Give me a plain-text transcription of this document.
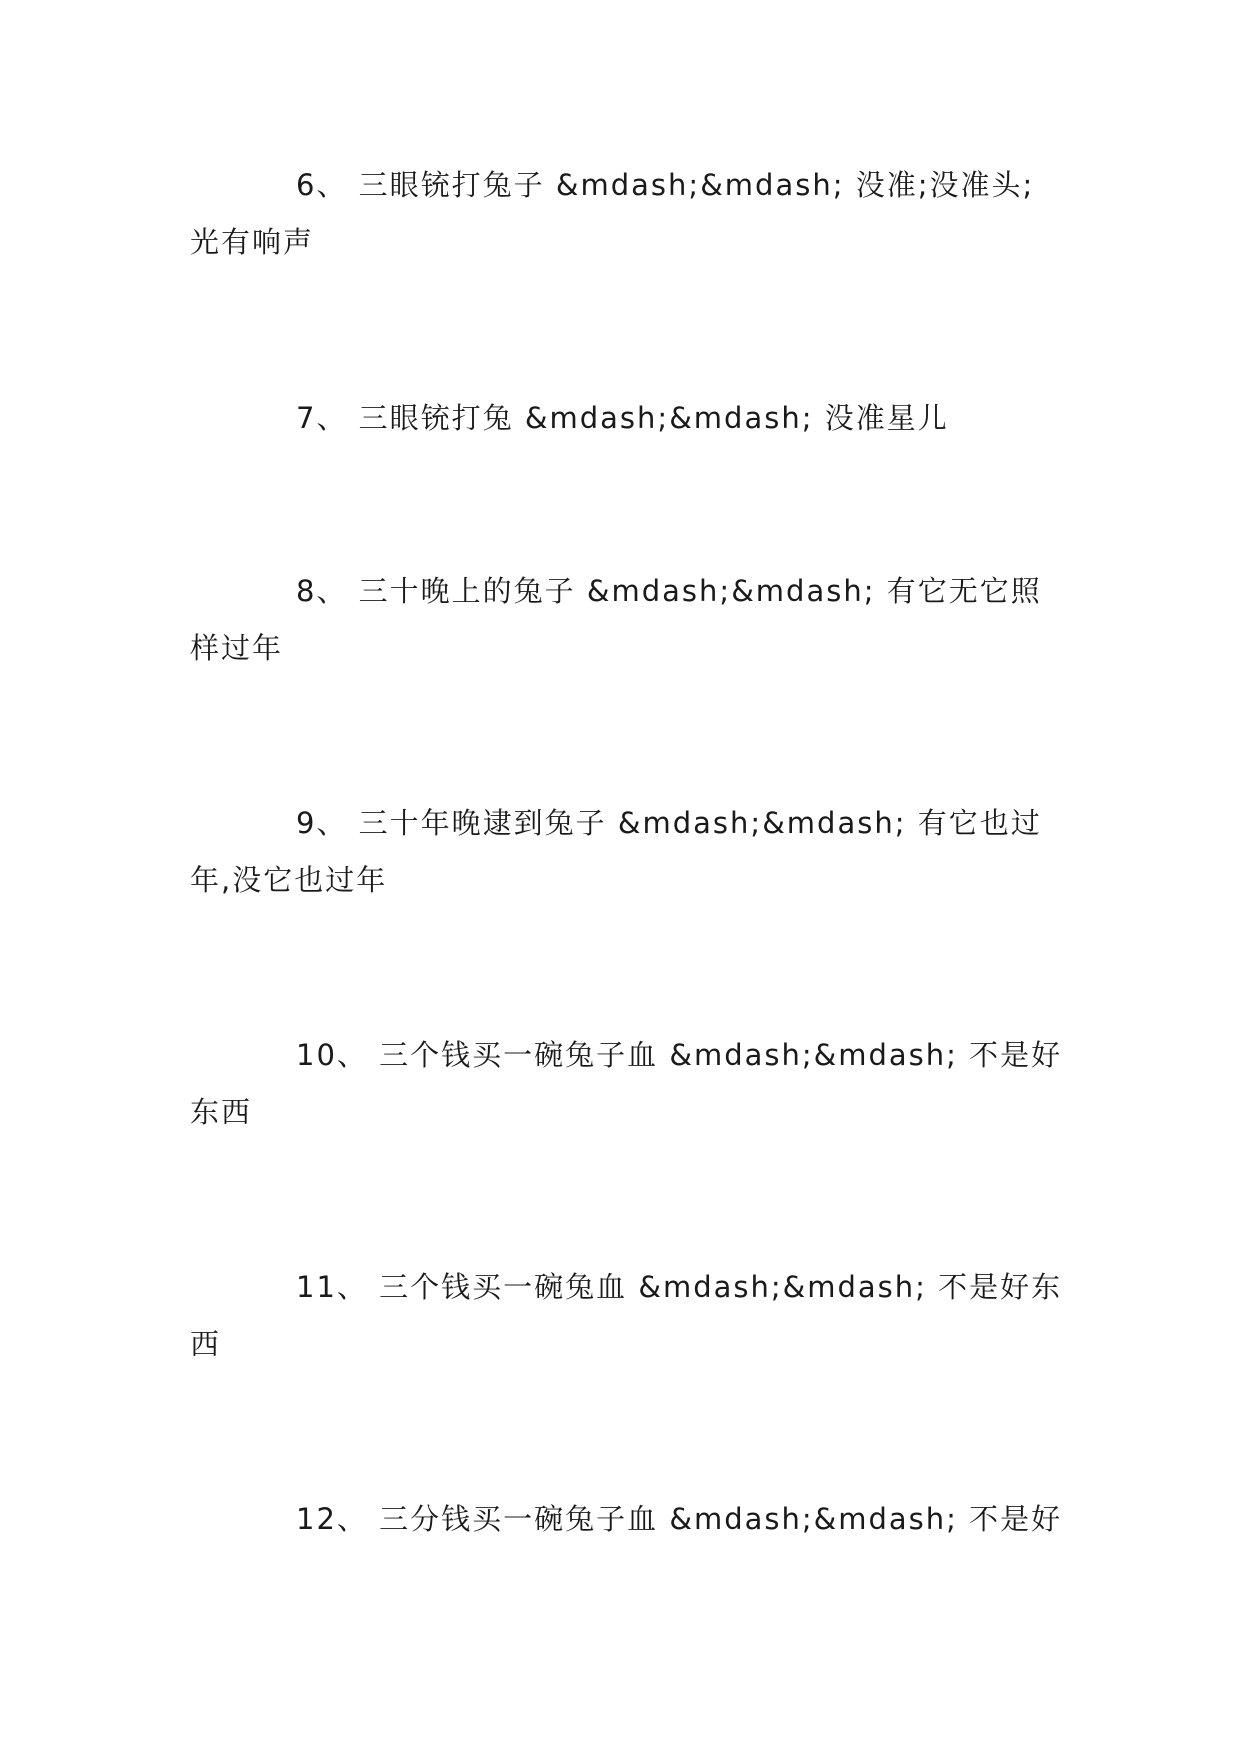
6、 三眼铳打兔子 &mdash;&mdash; 没准;没准头;
光有响声
7、 三眼铳打兔 &mdash;&mdash; 没准星儿
8、 三十晚上的兔子 &mdash;&mdash; 有它无它照
样过年
9、 三十年晚逮到兔子 &mdash;&mdash; 有它也过
年,没它也过年
10、 三个钱买一碗兔子血 &mdash;&mdash; 不是好
东西
11、 三个钱买一碗兔血 &mdash;&mdash; 不是好东
西
12、 三分钱买一碗兔子血 &mdash;&mdash; 不是好
